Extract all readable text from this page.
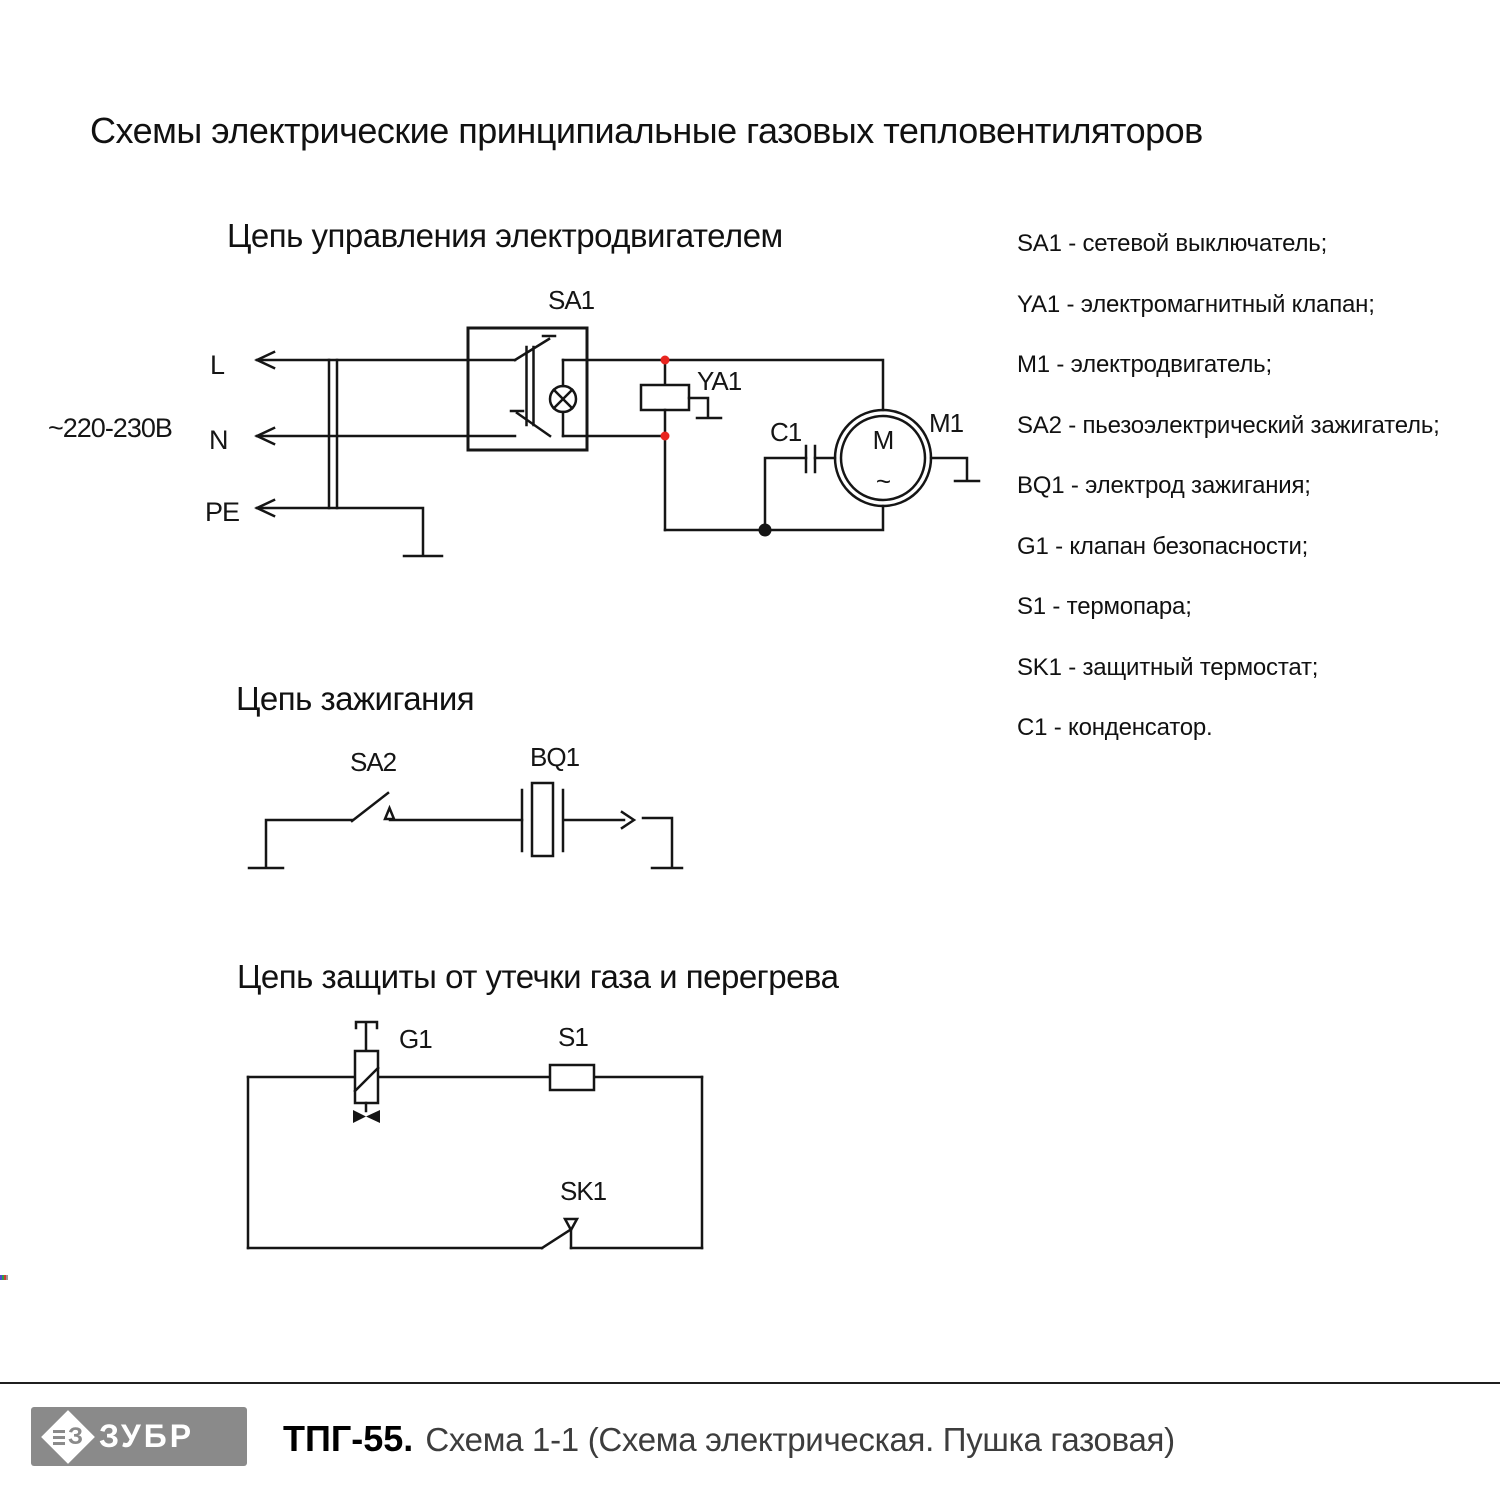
Схемы электрические принципиальные газовых тепловентиляторов
Цепь управления электродвигателем
Цепь зажигания
Цепь защиты от утечки газа и перегрева
SA1 - сетевой выключатель;
YA1 - электромагнитный клапан;
M1 - электродвигатель;
SA2 - пьезоэлектрический зажигатель;
BQ1 - электрод зажигания;
G1 - клапан безопасности;
S1 - термопара;
SK1 - защитный термостат;
C1 - конденсатор.
~220-230В
L
N
PE
SA1
YA1
C1	M1
М
~
SA2	BQ1
G1	S1
SK1
З ЗУБР ТПГ-55. Схема 1-1 (Схема электрическая. Пушка газовая)
